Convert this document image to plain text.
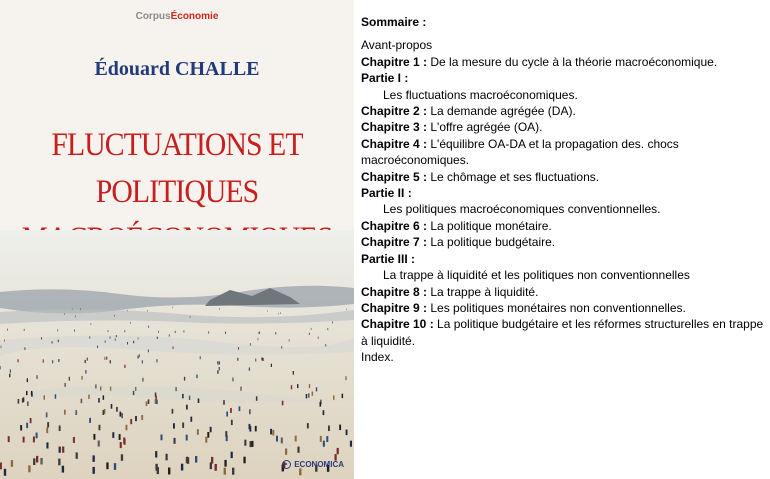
CorpusÉconomie
Édouard CHALLE
FLUCTUATIONS ET POLITIQUES
ECONOMICA
Sommaire :
Avant-propos
Chapitre 1 : De la mesure du cycle à la théorie macroéconomique.
Partie I :
Les fluctuations macroéconomiques.
Chapitre 2 : La demande agrégée (DA).
Chapitre 3 : L'offre agrégée (OA).
Chapitre 4 : L'équilibre OA-DA et la propagation des. chocs macroéconomiques.
Chapitre 5 : Le chômage et ses fluctuations.
Partie II :
Les politiques macroéconomiques conventionnelles.
Chapitre 6 : La politique monétaire.
Chapitre 7 : La politique budgétaire.
Partie III :
La trappe à liquidité et les politiques non conventionnelles
Chapitre 8 : La trappe à liquidité.
Chapitre 9 : Les politiques monétaires non conventionnelles.
Chapitre 10 : La politique budgétaire et les réformes structurelles en trappe à liquidité.
Index.
